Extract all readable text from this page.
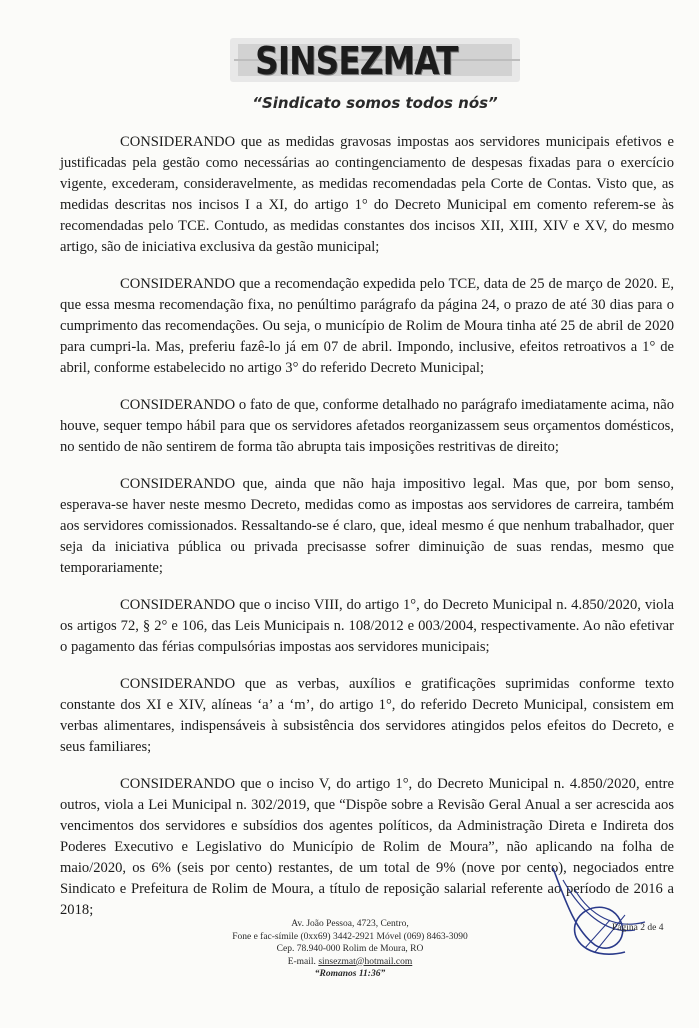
SINSEZMAT
“Sindicato somos todos nós”

CONSIDERANDO que as medidas gravosas impostas aos servidores municipais efetivos e justificadas pela gestão como necessárias ao contingenciamento de despesas fixadas para o exercício vigente, excederam, consideravelmente, as medidas recomendadas pela Corte de Contas. Visto que, as medidas descritas nos incisos I a XI, do artigo 1° do Decreto Municipal em comento referem-se às recomendadas pelo TCE. Contudo, as medidas constantes dos incisos XII, XIII, XIV e XV, do mesmo artigo, são de iniciativa exclusiva da gestão municipal;

CONSIDERANDO que a recomendação expedida pelo TCE, data de 25 de março de 2020. E, que essa mesma recomendação fixa, no penúltimo parágrafo da página 24, o prazo de até 30 dias para o cumprimento das recomendações. Ou seja, o município de Rolim de Moura tinha até 25 de abril de 2020 para cumpri-la. Mas, preferiu fazê-lo já em 07 de abril. Impondo, inclusive, efeitos retroativos a 1° de abril, conforme estabelecido no artigo 3° do referido Decreto Municipal;

CONSIDERANDO o fato de que, conforme detalhado no parágrafo imediatamente acima, não houve, sequer tempo hábil para que os servidores afetados reorganizassem seus orçamentos domésticos, no sentido de não sentirem de forma tão abrupta tais imposições restritivas de direito;

CONSIDERANDO que, ainda que não haja impositivo legal. Mas que, por bom senso, esperava-se haver neste mesmo Decreto, medidas como as impostas aos servidores de carreira, também aos servidores comissionados. Ressaltando-se é claro, que, ideal mesmo é que nenhum trabalhador, quer seja da iniciativa pública ou privada precisasse sofrer diminuição de suas rendas, mesmo que temporariamente;

CONSIDERANDO que o inciso VIII, do artigo 1°, do Decreto Municipal n. 4.850/2020, viola os artigos 72, § 2° e 106, das Leis Municipais n. 108/2012 e 003/2004, respectivamente. Ao não efetivar o pagamento das férias compulsórias impostas aos servidores municipais;

CONSIDERANDO que as verbas, auxílios e gratificações suprimidas conforme texto constante dos XI e XIV, alíneas ‘a’ a ‘m’, do artigo 1°, do referido Decreto Municipal, consistem em verbas alimentares, indispensáveis à subsistência dos servidores atingidos pelos efeitos do Decreto, e seus familiares;

CONSIDERANDO que o inciso V, do artigo 1°, do Decreto Municipal n. 4.850/2020, entre outros, viola a Lei Municipal n. 302/2019, que “Dispõe sobre a Revisão Geral Anual a ser acrescida aos vencimentos dos servidores e subsídios dos agentes políticos, da Administração Direta e Indireta dos Poderes Executivo e Legislativo do Município de Rolim de Moura”, não aplicando na folha de maio/2020, os 6% (seis por cento) restantes, de um total de 9% (nove por cento), negociados entre Sindicato e Prefeitura de Rolim de Moura, a título de reposição salarial referente ao período de 2016 a 2018;

Página 2 de 4
Av. João Pessoa, 4723, Centro,
Fone e fac-símile (0xx69) 3442-2921 Móvel (069) 8463-3090
Cep. 78.940-000 Rolim de Moura, RO
E-mail. sinsezmat@hotmail.com
“Romanos 11:36”
